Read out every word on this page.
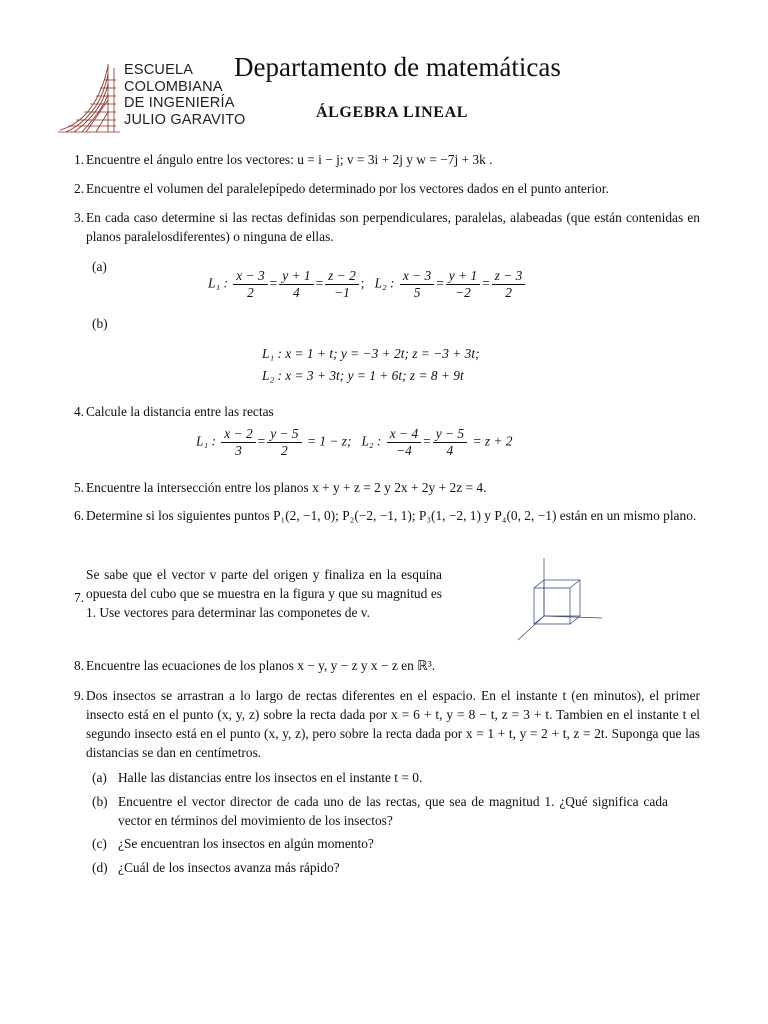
ESCUELA
COLOMBIANA
DE INGENIERÍA
JULIO GARAVITO
Departamento de matemáticas
ÁLGEBRA LINEAL
1. Encuentre el ángulo entre los vectores: u = i − j; v = 3i + 2j y w = −7j + 3k .
2. Encuentre el volumen del paralelepípedo determinado por los vectores dados en el punto anterior.
3. En cada caso determine si las rectas definidas son perpendiculares, paralelas, alabeadas (que están contenidas en planos paralelosdiferentes) o ninguna de ellas.
(a)
L₁ : $\frac{x - 3}{2} = \frac{y + 1}{4} = \frac{z - 2}{-1}$ ;   L₂ : $\frac{x - 3}{5} = \frac{y + 1}{-2} = \frac{z - 3}{2}$
(b)
L₁ : x = 1 + t; y = −3 + 2t; z = −3 + 3t;
L₂ : x = 3 + 3t; y = 1 + 6t; z = 8 + 9t
4. Calcule la distancia entre las rectas
L₁ : $\frac{x - 2}{3} = \frac{y - 5}{2} = 1 - z$; L₂ : $\frac{x - 4}{-4} = \frac{y - 5}{4} = z + 2$
5. Encuentre la intersección entre los planos x + y + z = 2 y 2x + 2y + 2z = 4.
6. Determine si los siguientes puntos P₁(2, −1, 0); P₂(−2, −1, 1); P₃(1, −2, 1) y P₄(0, 2, −1) están en un mismo plano.
7.
Se sabe que el vector v parte del origen y finaliza en la esquina opuesta del cubo que se muestra en la figura y que su magnitud es 1. Use vectores para determinar las componetes de v.
8. Encuentre las ecuaciones de los planos x − y, y − z y x − z en ℝ³.
9. Dos insectos se arrastran a lo largo de rectas diferentes en el espacio. En el instante t (en minutos), el primer insecto está en el punto (x, y, z) sobre la recta dada por x = 6 + t, y = 8 − t, z = 3 + t. Tambien en el instante t el segundo insecto está en el punto (x, y, z), pero sobre la recta dada por x = 1 + t, y = 2 + t, z = 2t. Suponga que las distancias se dan en centímetros.
(a) Halle las distancias entre los insectos en el instante t = 0.
(b) Encuentre el vector director de cada uno de las rectas, que sea de magnitud 1. ¿Qué significa cada vector en términos del movimiento de los insectos?
(c) ¿Se encuentran los insectos en algún momento?
(d) ¿Cuál de los insectos avanza más rápido?
